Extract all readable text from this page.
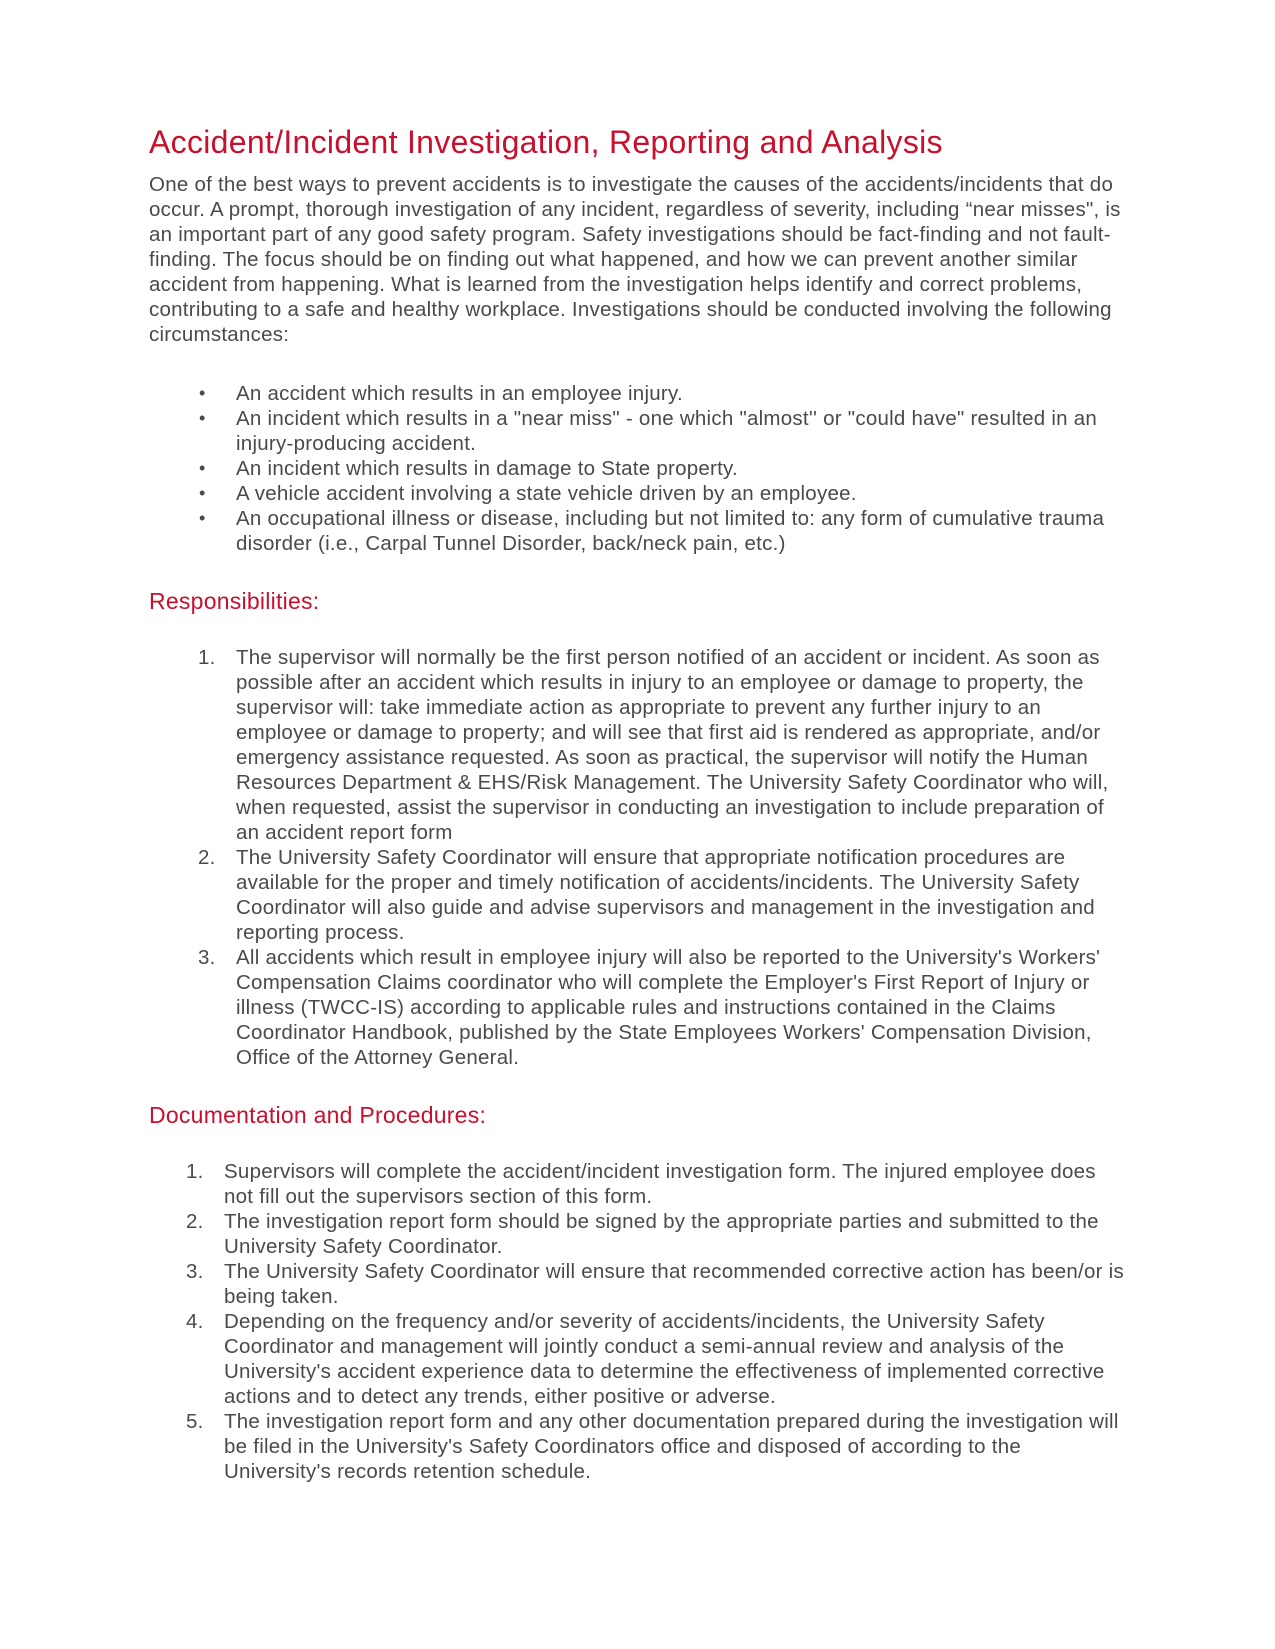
Accident/Incident Investigation, Reporting and Analysis

One of the best ways to prevent accidents is to investigate the causes of the accidents/incidents that do occur. A prompt, thorough investigation of any incident, regardless of severity, including “near misses", is an important part of any good safety program. Safety investigations should be fact-finding and not fault-finding. The focus should be on finding out what happened, and how we can prevent another similar accident from happening. What is learned from the investigation helps identify and correct problems, contributing to a safe and healthy workplace. Investigations should be conducted involving the following circumstances:

• An accident which results in an employee injury.
• An incident which results in a "near miss" - one which "almost'' or "could have" resulted in an injury-producing accident.
• An incident which results in damage to State property.
• A vehicle accident involving a state vehicle driven by an employee.
• An occupational illness or disease, including but not limited to: any form of cumulative trauma disorder (i.e., Carpal Tunnel Disorder, back/neck pain, etc.)
Responsibilities:
1. The supervisor will normally be the first person notified of an accident or incident. As soon as possible after an accident which results in injury to an employee or damage to property, the supervisor will: take immediate action as appropriate to prevent any further injury to an employee or damage to property; and will see that first aid is rendered as appropriate, and/or emergency assistance requested. As soon as practical, the supervisor will notify the Human Resources Department & EHS/Risk Management. The University Safety Coordinator who will, when requested, assist the supervisor in conducting an investigation to include preparation of an accident report form
2. The University Safety Coordinator will ensure that appropriate notification procedures are available for the proper and timely notification of accidents/incidents. The University Safety Coordinator will also guide and advise supervisors and management in the investigation and reporting process.
3. All accidents which result in employee injury will also be reported to the University's Workers' Compensation Claims coordinator who will complete the Employer's First Report of Injury or illness (TWCC-IS) according to applicable rules and instructions contained in the Claims Coordinator Handbook, published by the State Employees Workers' Compensation Division, Office of the Attorney General.
Documentation and Procedures:
1. Supervisors will complete the accident/incident investigation form. The injured employee does not fill out the supervisors section of this form.
2. The investigation report form should be signed by the appropriate parties and submitted to the University Safety Coordinator.
3. The University Safety Coordinator will ensure that recommended corrective action has been/or is being taken.
4. Depending on the frequency and/or severity of accidents/incidents, the University Safety Coordinator and management will jointly conduct a semi-annual review and analysis of the University's accident experience data to determine the effectiveness of implemented corrective actions and to detect any trends, either positive or adverse.
5. The investigation report form and any other documentation prepared during the investigation will be filed in the University's Safety Coordinators office and disposed of according to the University's records retention schedule.
